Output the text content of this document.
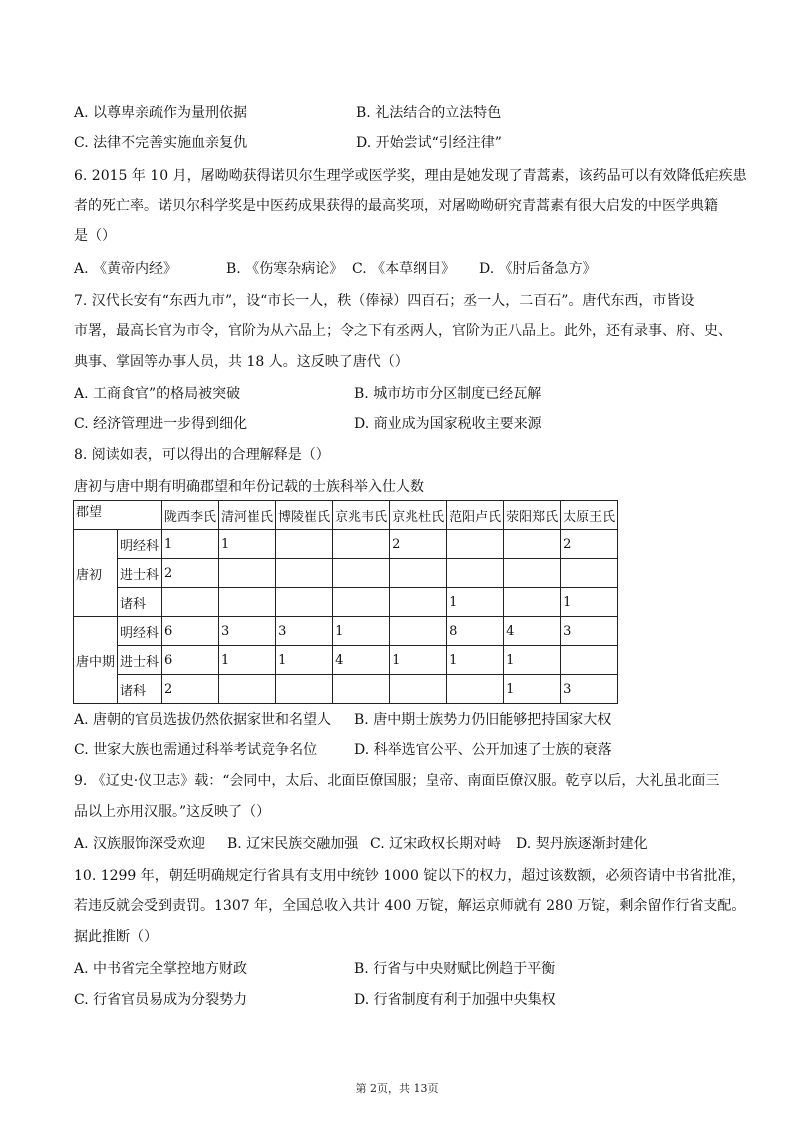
A. 以尊卑亲疏作为量刑依据	B. 礼法结合的立法特色
C. 法律不完善实施血亲复仇	D. 开始尝试“引经注律”
6. 2015 年 10 月，屠呦呦获得诺贝尔生理学或医学奖，理由是她发现了青蒿素，该药品可以有效降低疟疾患
者的死亡率。诺贝尔科学奖是中医药成果获得的最高奖项，对屠呦呦研究青蒿素有很大启发的中医学典籍
是（）
A. 《黄帝内经》	B. 《伤寒杂病论》 C. 《本草纲目》 D. 《肘后备急方》
7. 汉代长安有“东西九市”，设“市长一人，秩（俸禄）四百石；丞一人，二百石”。唐代东西，市皆设
市署，最高长官为市令，官阶为从六品上；令之下有丞两人，官阶为正八品上。此外，还有录事、府、史、
典事、掌固等办事人员，共 18 人。这反映了唐代（）
A. 工商食官”的格局被突破	B. 城市坊市分区制度已经瓦解
C. 经济管理进一步得到细化	D. 商业成为国家税收主要来源
8. 阅读如表，可以得出的合理解释是（）
唐初与唐中期有明确郡望和年份记载的士族科举入仕人数
郡望		陇西李氏	清河崔氏	博陵崔氏	京兆韦氏	京兆杜氏	范阳卢氏	荥阳郑氏	太原王氏
唐初	明经科	1	1			2			2
	进士科	2							
	诸科						1		1
唐中期	明经科	6	3	3	1		8	4	3
	进士科	6	1	1	4	1	1	1	
	诸科	2						1	3
A. 唐朝的官员选拔仍然依据家世和名望人 B. 唐中期士族势力仍旧能够把持国家大权
C. 世家大族也需通过科举考试竞争名位	D. 科举选官公平、公开加速了士族的衰落
9. 《辽史·仪卫志》载：“会同中，太后、北面臣僚国服；皇帝、南面臣僚汉服。乾亨以后，大礼虽北面三
品以上亦用汉服。”这反映了（）
A. 汉族服饰深受欢迎 B. 辽宋民族交融加强 C. 辽宋政权长期对峙 D. 契丹族逐渐封建化
10. 1299 年，朝廷明确规定行省具有支用中统钞 1000 锭以下的权力，超过该数额，必须咨请中书省批准，
若违反就会受到责罚。1307 年，全国总收入共计 400 万锭，解运京师就有 280 万锭，剩余留作行省支配。
据此推断（）
A. 中书省完全掌控地方财政	B. 行省与中央财赋比例趋于平衡
C. 行省官员易成为分裂势力	D. 行省制度有利于加强中央集权
第 2页，共 13页
